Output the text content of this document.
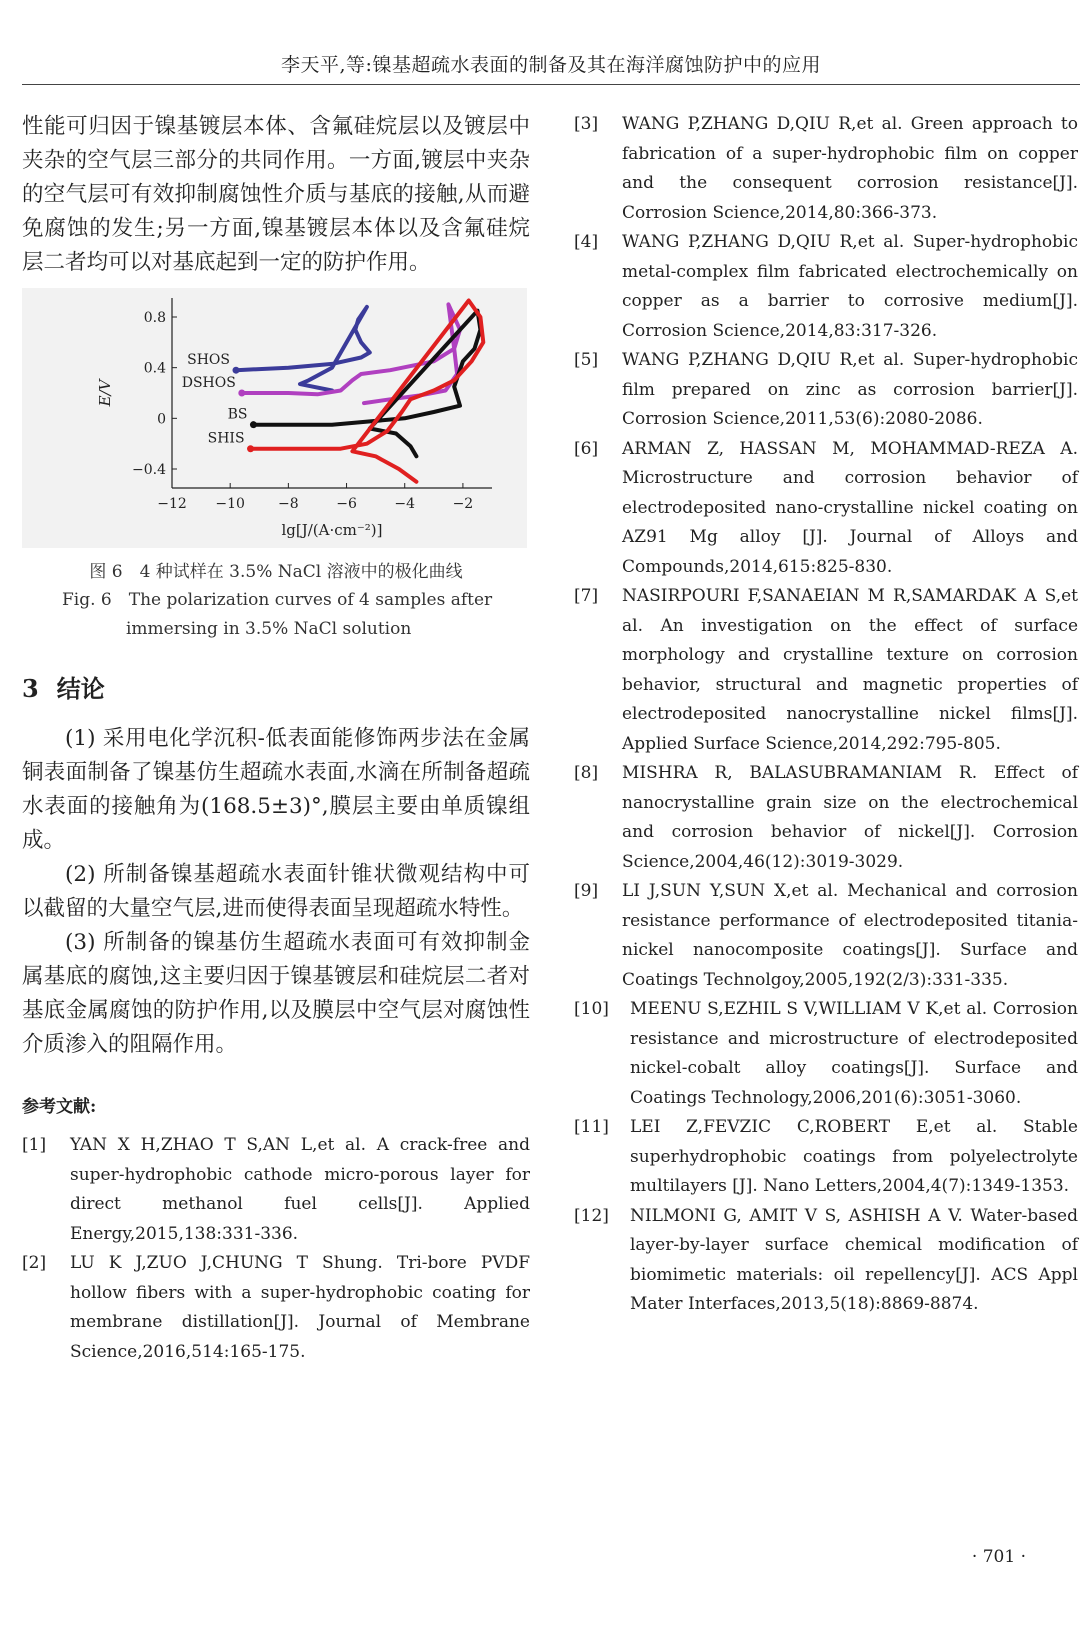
李天平,等:镍基超疏水表面的制备及其在海洋腐蚀防护中的应用

性能可归因于镍基镀层本体、含氟硅烷层以及镀层中夹杂的空气层三部分的共同作用。一方面,镀层中夹杂的空气层可有效抑制腐蚀性介质与基底的接触,从而避免腐蚀的发生;另一方面,镍基镀层本体以及含氟硅烷层二者均可以对基底起到一定的防护作用。

−12 −10 −8	−6	−4	−2
−0.4
0
0.4
0.8
lg[J/(A·cm⁻²)]
E/V
SHOS
DSHOS
BS
SHIS
图 6　4 种试样在 3.5% NaCl 溶液中的极化曲线
Fig. 6　The polarization curves of 4 samples after
immersing in 3.5% NaCl solution
3 结论

(1) 采用电化学沉积-低表面能修饰两步法在金属铜表面制备了镍基仿生超疏水表面,水滴在所制备超疏水表面的接触角为(168.5±3)°,膜层主要由单质镍组成。

(2) 所制备镍基超疏水表面针锥状微观结构中可以截留的大量空气层,进而使得表面呈现超疏水特性。

(3) 所制备的镍基仿生超疏水表面可有效抑制金属基底的腐蚀,这主要归因于镍基镀层和硅烷层二者对基底金属腐蚀的防护作用,以及膜层中空气层对腐蚀性介质渗入的阻隔作用。

参考文献:
[1]	YAN X H,ZHAO T S,AN L,et al. A crack-free and super-hydrophobic cathode micro-porous layer for direct methanol fuel cells[J]. Applied Energy,2015,138:331-336.
[2]	LU K J,ZUO J,CHUNG T Shung. Tri-bore PVDF hollow fibers with a super-hydrophobic coating for membrane distillation[J]. Journal of Membrane Science,2016,514:165-175.
[3]	WANG P,ZHANG D,QIU R,et al. Green approach to fabrication of a super-hydrophobic film on copper and the consequent corrosion resistance[J]. Corrosion Science,2014,80:366-373.
[4]	WANG P,ZHANG D,QIU R,et al. Super-hydrophobic metal-complex film fabricated electrochemically on copper as a barrier to corrosive medium[J]. Corrosion Science,2014,83:317-326.
[5]	WANG P,ZHANG D,QIU R,et al. Super-hydrophobic film prepared on zinc as corrosion barrier[J]. Corrosion Science,2011,53(6):2080-2086.
[6]	ARMAN Z, HASSAN M, MOHAMMAD-REZA A. Microstructure and corrosion behavior of electrodeposited nano-crystalline nickel coating on AZ91 Mg alloy [J]. Journal of Alloys and Compounds,2014,615:825-830.
[7]	NASIRPOURI F,SANAEIAN M R,SAMARDAK A S,et al. An investigation on the effect of surface morphology and crystalline texture on corrosion behavior, structural and magnetic properties of electrodeposited nanocrystalline nickel films[J]. Applied Surface Science,2014,292:795-805.
[8]	MISHRA R, BALASUBRAMANIAM R. Effect of nanocrystalline grain size on the electrochemical and corrosion behavior of nickel[J]. Corrosion Science,2004,46(12):3019-3029.
[9]	LI J,SUN Y,SUN X,et al. Mechanical and corrosion resistance performance of electrodeposited titania-nickel nanocomposite coatings[J]. Surface and Coatings Technolgoy,2005,192(2/3):331-335.
[10]	MEENU S,EZHIL S V,WILLIAM V K,et al. Corrosion resistance and microstructure of electrodeposited nickel-cobalt alloy coatings[J]. Surface and Coatings Technology,2006,201(6):3051-3060.
[11]	LEI Z,FEVZIC C,ROBERT E,et al. Stable superhydrophobic coatings from polyelectrolyte multilayers [J]. Nano Letters,2004,4(7):1349-1353.
[12]	NILMONI G, AMIT V S, ASHISH A V. Water-based layer-by-layer surface chemical modification of biomimetic materials: oil repellency[J]. ACS Appl Mater Interfaces,2013,5(18):8869-8874.
· 701 ·
